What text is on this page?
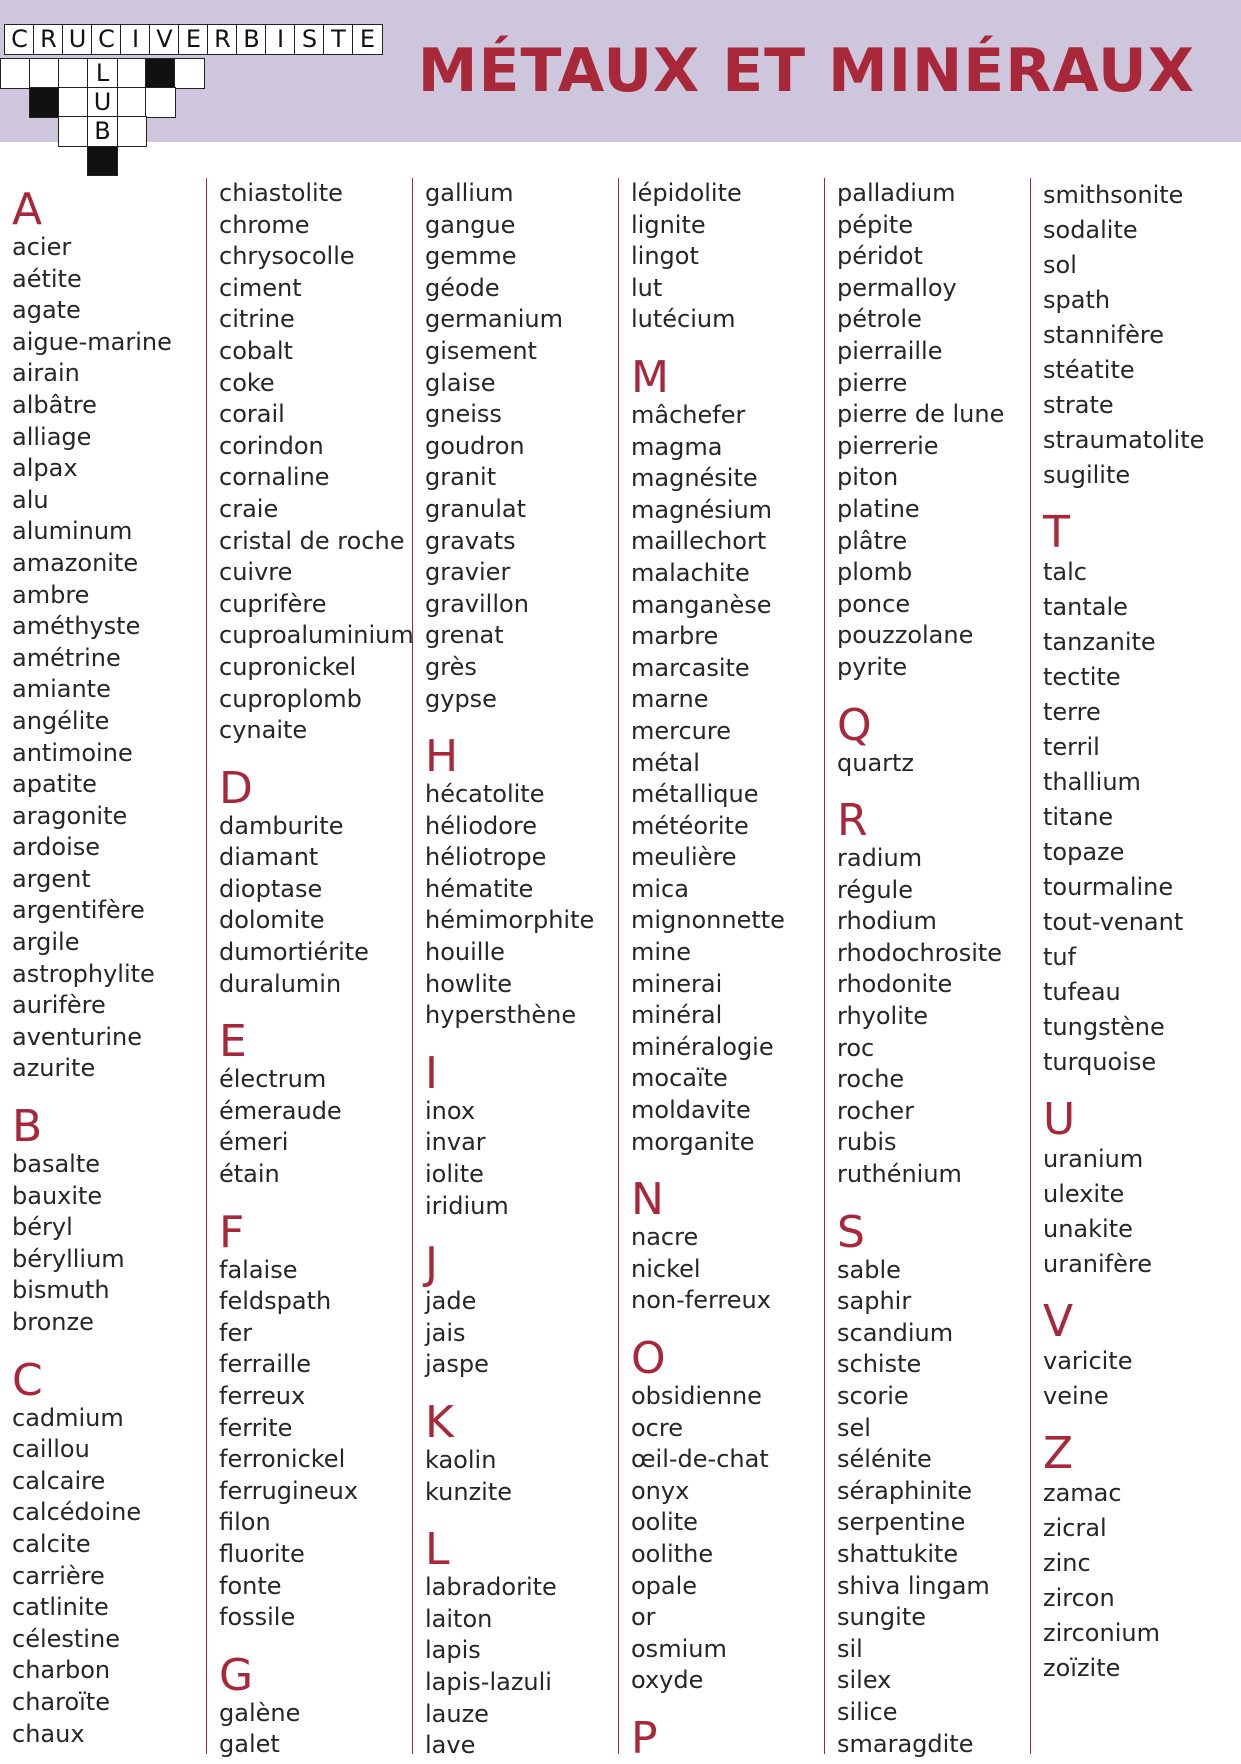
MÉTAUX ET MINÉRAUX
C R U C I V E R B I S T E
L
U
B
A
acier
aétite
agate
aigue-marine
airain
albâtre
alliage
alpax
alu
aluminum
amazonite
ambre
améthyste
amétrine
amiante
angélite
antimoine
apatite
aragonite
ardoise
argent
argentifère
argile
astrophylite
aurifère
aventurine
azurite
B
basalte
bauxite
béryl
béryllium
bismuth
bronze
C
cadmium
caillou
calcaire
calcédoine
calcite
carrière
catlinite
célestine
charbon
charoïte
chaux
chiastolite
chrome
chrysocolle
ciment
citrine
cobalt
coke
corail
corindon
cornaline
craie
cristal de roche
cuivre
cuprifère
cuproaluminium
cupronickel
cuproplomb
cynaite
D
damburite
diamant
dioptase
dolomite
dumortiérite
duralumin
E
électrum
émeraude
émeri
étain
F
falaise
feldspath
fer
ferraille
ferreux
ferrite
ferronickel
ferrugineux
filon
fluorite
fonte
fossile
G
galène
galet
gallium
gangue
gemme
géode
germanium
gisement
glaise
gneiss
goudron
granit
granulat
gravats
gravier
gravillon
grenat
grès
gypse
H
hécatolite
héliodore
héliotrope
hématite
hémimorphite
houille
howlite
hypersthène
I
inox
invar
iolite
iridium
J
jade
jais
jaspe
K
kaolin
kunzite
L
labradorite
laiton
lapis
lapis-lazuli
lauze
lave
lépidolite
lignite
lingot
lut
lutécium
M
mâchefer
magma
magnésite
magnésium
maillechort
malachite
manganèse
marbre
marcasite
marne
mercure
métal
métallique
météorite
meulière
mica
mignonnette
mine
minerai
minéral
minéralogie
mocaïte
moldavite
morganite
N
nacre
nickel
non-ferreux
O
obsidienne
ocre
œil-de-chat
onyx
oolite
oolithe
opale
or
osmium
oxyde
P
palladium
pépite
péridot
permalloy
pétrole
pierraille
pierre
pierre de lune
pierrerie
piton
platine
plâtre
plomb
ponce
pouzzolane
pyrite
Q
quartz
R
radium
régule
rhodium
rhodochrosite
rhodonite
rhyolite
roc
roche
rocher
rubis
ruthénium
S
sable
saphir
scandium
schiste
scorie
sel
sélénite
séraphinite
serpentine
shattukite
shiva lingam
sungite
sil
silex
silice
smaragdite
smithsonite
sodalite
sol
spath
stannifère
stéatite
strate
straumatolite
sugilite
T
talc
tantale
tanzanite
tectite
terre
terril
thallium
titane
topaze
tourmaline
tout-venant
tuf
tufeau
tungstène
turquoise
U
uranium
ulexite
unakite
uranifère
V
varicite
veine
Z
zamac
zicral
zinc
zircon
zirconium
zoïzite
